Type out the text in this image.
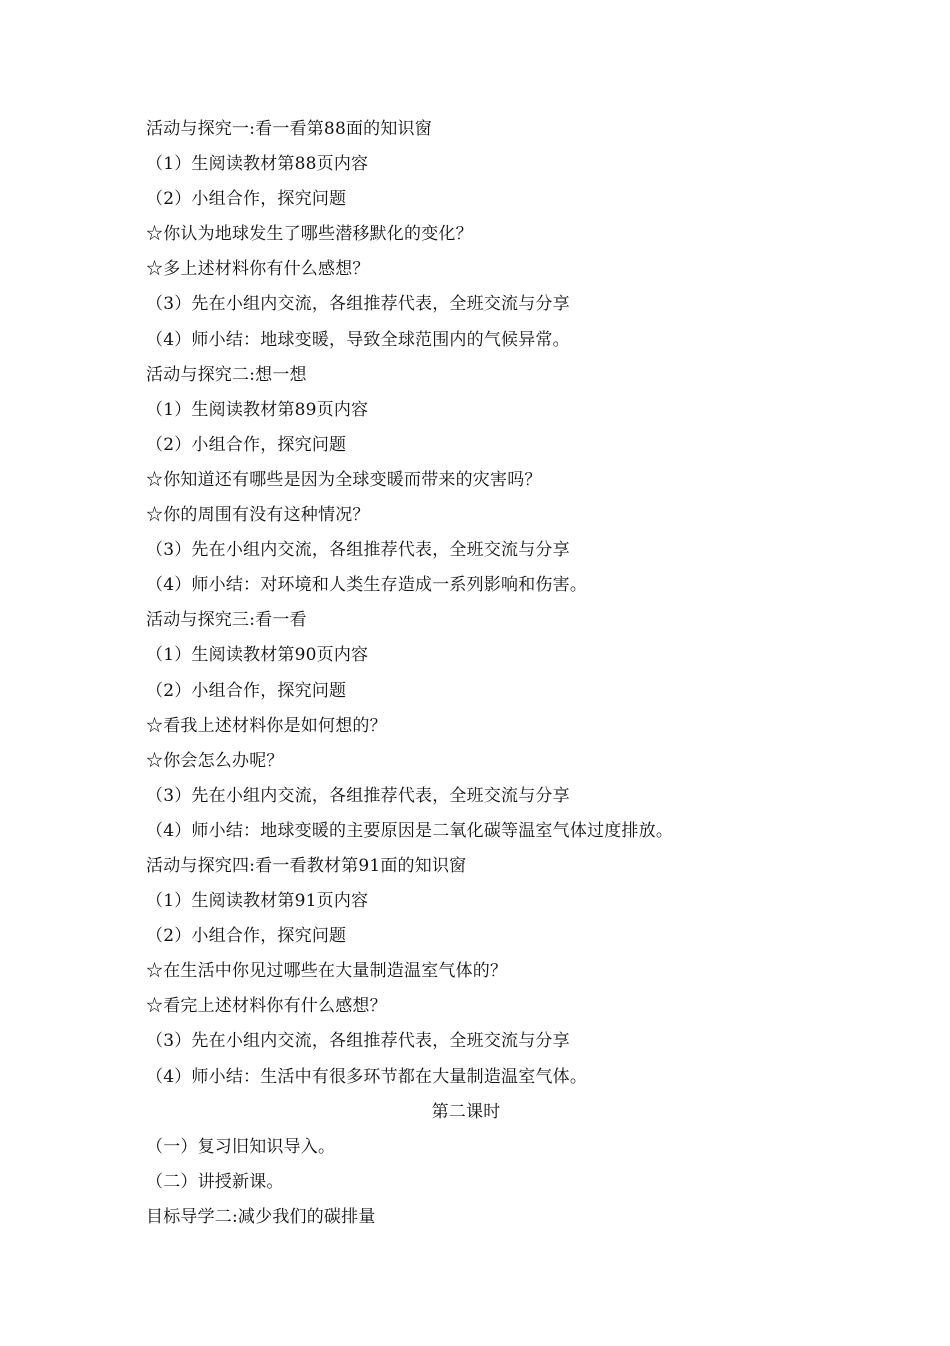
活动与探究一:看一看第88面的知识窗
（1）生阅读教材第88页内容
（2）小组合作，探究问题
☆你认为地球发生了哪些潜移默化的变化？
☆多上述材料你有什么感想？
（3）先在小组内交流，各组推荐代表，全班交流与分享
（4）师小结：地球变暖，导致全球范围内的气候异常。
活动与探究二:想一想
（1）生阅读教材第89页内容
（2）小组合作，探究问题
☆你知道还有哪些是因为全球变暖而带来的灾害吗？
☆你的周围有没有这种情况？
（3）先在小组内交流，各组推荐代表，全班交流与分享
（4）师小结：对环境和人类生存造成一系列影响和伤害。
活动与探究三:看一看
（1）生阅读教材第90页内容
（2）小组合作，探究问题
☆看我上述材料你是如何想的？
☆你会怎么办呢？
（3）先在小组内交流，各组推荐代表，全班交流与分享
（4）师小结：地球变暖的主要原因是二氧化碳等温室气体过度排放。
活动与探究四:看一看教材第91面的知识窗
（1）生阅读教材第91页内容
（2）小组合作，探究问题
☆在生活中你见过哪些在大量制造温室气体的？
☆看完上述材料你有什么感想？
（3）先在小组内交流，各组推荐代表，全班交流与分享
（4）师小结：生活中有很多环节都在大量制造温室气体。
第二课时
（一）复习旧知识导入。
（二）讲授新课。
目标导学二:减少我们的碳排量
